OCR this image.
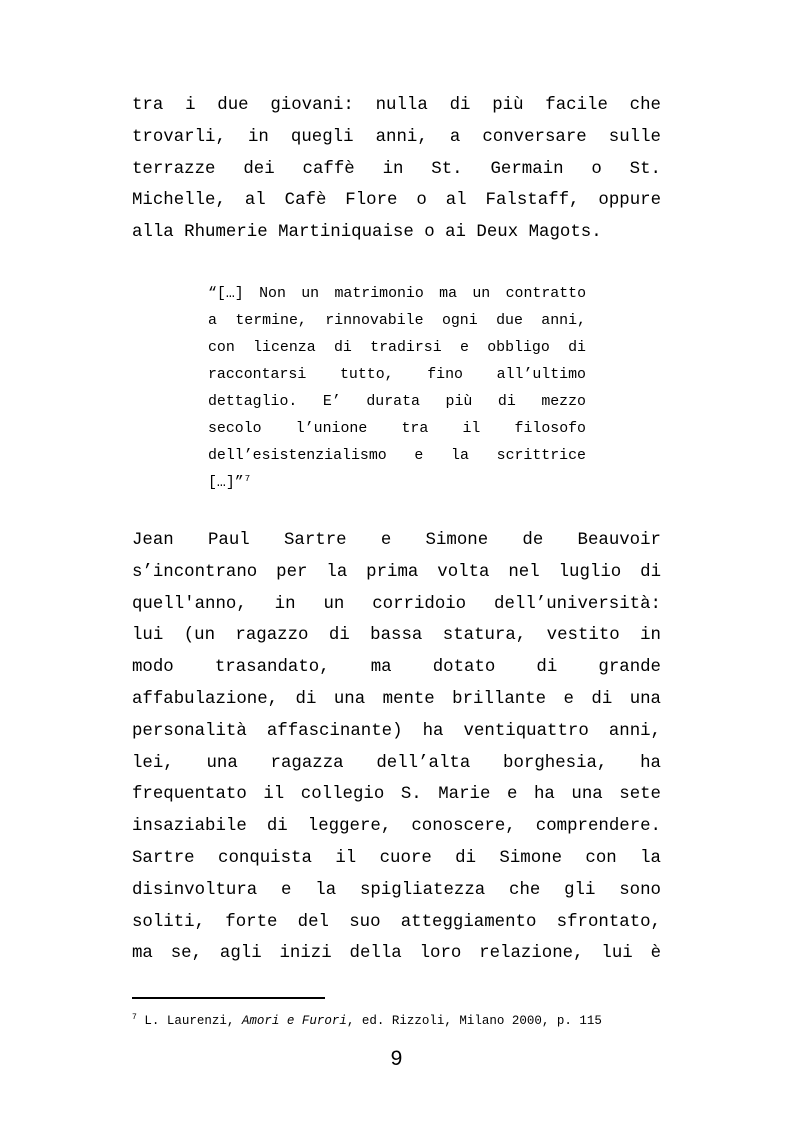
tra i due giovani: nulla di più facile che
trovarli, in quegli anni, a conversare sulle
terrazze dei caffè in St. Germain o St.
Michelle, al Cafè Flore o al Falstaff, oppure
alla Rhumerie Martiniquaise o ai Deux Magots.
“[…] Non un matrimonio ma un contratto
a termine, rinnovabile ogni due anni,
con licenza di tradirsi e obbligo di
raccontarsi tutto, fino all’ultimo
dettaglio. E’ durata più di mezzo
secolo l’unione tra il filosofo
dell’esistenzialismo e la scrittrice
[…]”$^7$
Jean Paul Sartre e Simone de Beauvoir
s’incontrano per la prima volta nel luglio di
quell'anno, in un corridoio dell’università:
lui (un ragazzo di bassa statura, vestito in
modo trasandato, ma dotato di grande
affabulazione, di una mente brillante e di una
personalità affascinante) ha ventiquattro anni,
lei, una ragazza dell’alta borghesia, ha
frequentato il collegio S. Marie e ha una sete
insaziabile di leggere, conoscere, comprendere.
Sartre conquista il cuore di Simone con la
disinvoltura e la spigliatezza che gli sono
soliti, forte del suo atteggiamento sfrontato,
ma se, agli inizi della loro relazione, lui è
$^7$ L. Laurenzi, Amori e Furori, ed. Rizzoli, Milano 2000, p. 115
9
